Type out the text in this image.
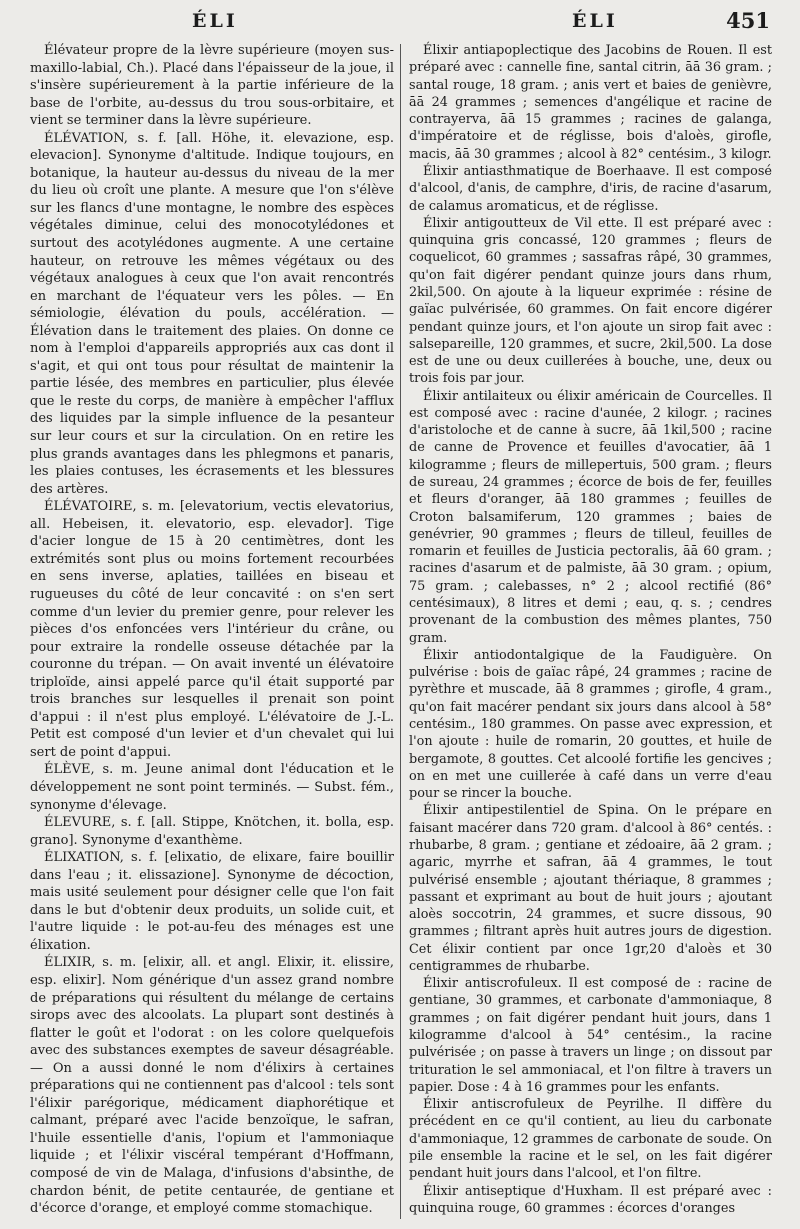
ÉLI	ÉLI	451

Élévateur propre de la lèvre supérieure (moyen sus-maxillo-labial, Ch.). Placé dans l'épaisseur de la joue, il s'insère supérieurement à la partie inférieure de la base de l'orbite, au-dessus du trou sous-orbitaire, et vient se terminer dans la lèvre supérieure.

ÉLÉVATION, s. f. [all. Höhe, it. elevazione, esp. elevacion]. Synonyme d'altitude. Indique toujours, en botanique, la hauteur au-dessus du niveau de la mer du lieu où croît une plante. A mesure que l'on s'élève sur les flancs d'une montagne, le nombre des espèces végétales diminue, celui des monocotylédones et surtout des acotylédones augmente. A une certaine hauteur, on retrouve les mêmes végétaux ou des végétaux analogues à ceux que l'on avait rencontrés en marchant de l'équateur vers les pôles. — En sémiologie, élévation du pouls, accélération. — Élévation dans le traitement des plaies. On donne ce nom à l'emploi d'appareils appropriés aux cas dont il s'agit, et qui ont tous pour résultat de maintenir la partie lésée, des membres en particulier, plus élevée que le reste du corps, de manière à empêcher l'afflux des liquides par la simple influence de la pesanteur sur leur cours et sur la circulation. On en retire les plus grands avantages dans les phlegmons et panaris, les plaies contuses, les écrasements et les blessures des artères.

ÉLÉVATOIRE, s. m. [elevatorium, vectis elevatorius, all. Hebeisen, it. elevatorio, esp. elevador]. Tige d'acier longue de 15 à 20 centimètres, dont les extrémités sont plus ou moins fortement recourbées en sens inverse, aplaties, taillées en biseau et rugueuses du côté de leur concavité : on s'en sert comme d'un levier du premier genre, pour relever les pièces d'os enfoncées vers l'intérieur du crâne, ou pour extraire la rondelle osseuse détachée par la couronne du trépan. — On avait inventé un élévatoire triploïde, ainsi appelé parce qu'il était supporté par trois branches sur lesquelles il prenait son point d'appui : il n'est plus employé. L'élévatoire de J.-L. Petit est composé d'un levier et d'un chevalet qui lui sert de point d'appui.

ÉLÈVE, s. m. Jeune animal dont l'éducation et le développement ne sont point terminés. — Subst. fém., synonyme d'élevage.

ÉLEVURE, s. f. [all. Stippe, Knötchen, it. bolla, esp. grano]. Synonyme d'exanthème.

ÉLIXATION, s. f. [elixatio, de elixare, faire bouillir dans l'eau ; it. elissazione]. Synonyme de décoction, mais usité seulement pour désigner celle que l'on fait dans le but d'obtenir deux produits, un solide cuit, et l'autre liquide : le pot-au-feu des ménages est une élixation.

ÉLIXIR, s. m. [elixir, all. et angl. Elixir, it. elissire, esp. elixir]. Nom générique d'un assez grand nombre de préparations qui résultent du mélange de certains sirops avec des alcoolats. La plupart sont destinés à flatter le goût et l'odorat : on les colore quelquefois avec des substances exemptes de saveur désagréable. — On a aussi donné le nom d'élixirs à certaines préparations qui ne contiennent pas d'alcool : tels sont l'élixir parégorique, médicament diaphorétique et calmant, préparé avec l'acide benzoïque, le safran, l'huile essentielle d'anis, l'opium et l'ammoniaque liquide ; et l'élixir viscéral tempérant d'Hoffmann, composé de vin de Malaga, d'infusions d'absinthe, de chardon bénit, de petite centaurée, de gentiane et d'écorce d'orange, et employé comme stomachique.

Élixir antiapoplectique des Jacobins de Rouen. Il est préparé avec : cannelle fine, santal citrin, āā 36 gram. ; santal rouge, 18 gram. ; anis vert et baies de genièvre, āā 24 grammes ; semences d'angélique et racine de contrayerva, āā 15 grammes ; racines de galanga, d'impératoire et de réglisse, bois d'aloès, girofle, macis, āā 30 grammes ; alcool à 82° centésim., 3 kilogr.

Élixir antiasthmatique de Boerhaave. Il est composé d'alcool, d'anis, de camphre, d'iris, de racine d'asarum, de calamus aromaticus, et de réglisse.

Élixir antigoutteux de Vil ette. Il est préparé avec : quinquina gris concassé, 120 grammes ; fleurs de coquelicot, 60 grammes ; sassafras râpé, 30 grammes, qu'on fait digérer pendant quinze jours dans rhum, 2kil,500. On ajoute à la liqueur exprimée : résine de gaïac pulvérisée, 60 grammes. On fait encore digérer pendant quinze jours, et l'on ajoute un sirop fait avec : salsepareille, 120 grammes, et sucre, 2kil,500. La dose est de une ou deux cuillerées à bouche, une, deux ou trois fois par jour.

Élixir antilaiteux ou élixir américain de Courcelles. Il est composé avec : racine d'aunée, 2 kilogr. ; racines d'aristoloche et de canne à sucre, āā 1kil,500 ; racine de canne de Provence et feuilles d'avocatier, āā 1 kilogramme ; fleurs de millepertuis, 500 gram. ; fleurs de sureau, 24 grammes ; écorce de bois de fer, feuilles et fleurs d'oranger, āā 180 grammes ; feuilles de Croton balsamiferum, 120 grammes ; baies de genévrier, 90 grammes ; fleurs de tilleul, feuilles de romarin et feuilles de Justicia pectoralis, āā 60 gram. ; racines d'asarum et de palmiste, āā 30 gram. ; opium, 75 gram. ; calebasses, n° 2 ; alcool rectifié (86° centésimaux), 8 litres et demi ; eau, q. s. ; cendres provenant de la combustion des mêmes plantes, 750 gram.

Élixir antiodontalgique de la Faudiguère. On pulvérise : bois de gaïac râpé, 24 grammes ; racine de pyrèthre et muscade, āā 8 grammes ; girofle, 4 gram., qu'on fait macérer pendant six jours dans alcool à 58° centésim., 180 grammes. On passe avec expression, et l'on ajoute : huile de romarin, 20 gouttes, et huile de bergamote, 8 gouttes. Cet alcoolé fortifie les gencives ; on en met une cuillerée à café dans un verre d'eau pour se rincer la bouche.

Élixir antipestilentiel de Spina. On le prépare en faisant macérer dans 720 gram. d'alcool à 86° centés. : rhubarbe, 8 gram. ; gentiane et zédoaire, āā 2 gram. ; agaric, myrrhe et safran, āā 4 grammes, le tout pulvérisé ensemble ; ajoutant thériaque, 8 grammes ; passant et exprimant au bout de huit jours ; ajoutant aloès soccotrin, 24 grammes, et sucre dissous, 90 grammes ; filtrant après huit autres jours de digestion. Cet élixir contient par once 1gr,20 d'aloès et 30 centigrammes de rhubarbe.

Élixir antiscrofuleux. Il est composé de : racine de gentiane, 30 grammes, et carbonate d'ammoniaque, 8 grammes ; on fait digérer pendant huit jours, dans 1 kilogramme d'alcool à 54° centésim., la racine pulvérisée ; on passe à travers un linge ; on dissout par trituration le sel ammoniacal, et l'on filtre à travers un papier. Dose : 4 à 16 grammes pour les enfants.

Élixir antiscrofuleux de Peyrilhe. Il diffère du précédent en ce qu'il contient, au lieu du carbonate d'ammoniaque, 12 grammes de carbonate de soude. On pile ensemble la racine et le sel, on les fait digérer pendant huit jours dans l'alcool, et l'on filtre.

Élixir antiseptique d'Huxham. Il est préparé avec : quinquina rouge, 60 grammes : écorces d'oranges
